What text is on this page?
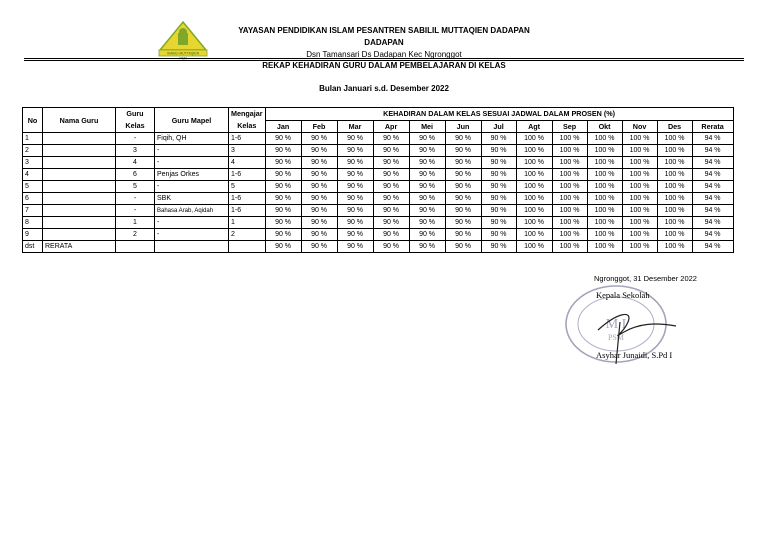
ISABILI MUTTAQIEN
PSM
YAYASAN PENDIDIKAN ISLAM PESANTREN SABILIL MUTTAQIEN DADAPAN
DADAPAN
Dsn Tamansari Ds Dadapan Kec Ngronggot
REKAP KEHADIRAN GURU DALAM PEMBELAJARAN DI KELAS
Bulan Januari s.d. Desember 2022
No	Nama Guru	Guru Kelas	Guru Mapel	Mengajar Kelas	KEHADIRAN DALAM KELAS SESUAI JADWAL DALAM PROSEN (%)												
					Jan	Feb	Mar	Apr	Mei	Jun	Jul	Agt	Sep	Okt	Nov	Des	Rerata
1		-	Fiqih, QH	1-6	90 %	90 %	90 %	90 %	90 %	90 %	90 %	100 %	100 %	100 %	100 %	100 %	94 %
2		3	-	3	90 %	90 %	90 %	90 %	90 %	90 %	90 %	100 %	100 %	100 %	100 %	100 %	94 %
3		4	-	4	90 %	90 %	90 %	90 %	90 %	90 %	90 %	100 %	100 %	100 %	100 %	100 %	94 %
4		6	Penjas Orkes	1-6	90 %	90 %	90 %	90 %	90 %	90 %	90 %	100 %	100 %	100 %	100 %	100 %	94 %
5		5	-	5	90 %	90 %	90 %	90 %	90 %	90 %	90 %	100 %	100 %	100 %	100 %	100 %	94 %
6		-	SBK	1-6	90 %	90 %	90 %	90 %	90 %	90 %	90 %	100 %	100 %	100 %	100 %	100 %	94 %
7		-	Bahasa Arab, Aqidah	1-6	90 %	90 %	90 %	90 %	90 %	90 %	90 %	100 %	100 %	100 %	100 %	100 %	94 %
8		1	-	1	90 %	90 %	90 %	90 %	90 %	90 %	90 %	100 %	100 %	100 %	100 %	100 %	94 %
9		2	-	2	90 %	90 %	90 %	90 %	90 %	90 %	90 %	100 %	100 %	100 %	100 %	100 %	94 %
dst	RERATA				90 %	90 %	90 %	90 %	90 %	90 %	90 %	100 %	100 %	100 %	100 %	100 %	94 %
Ngronggot, 31 Desember 2022
M I
PSM
Kepala Sekolah
Asyhar Junaidi, S.Pd I
